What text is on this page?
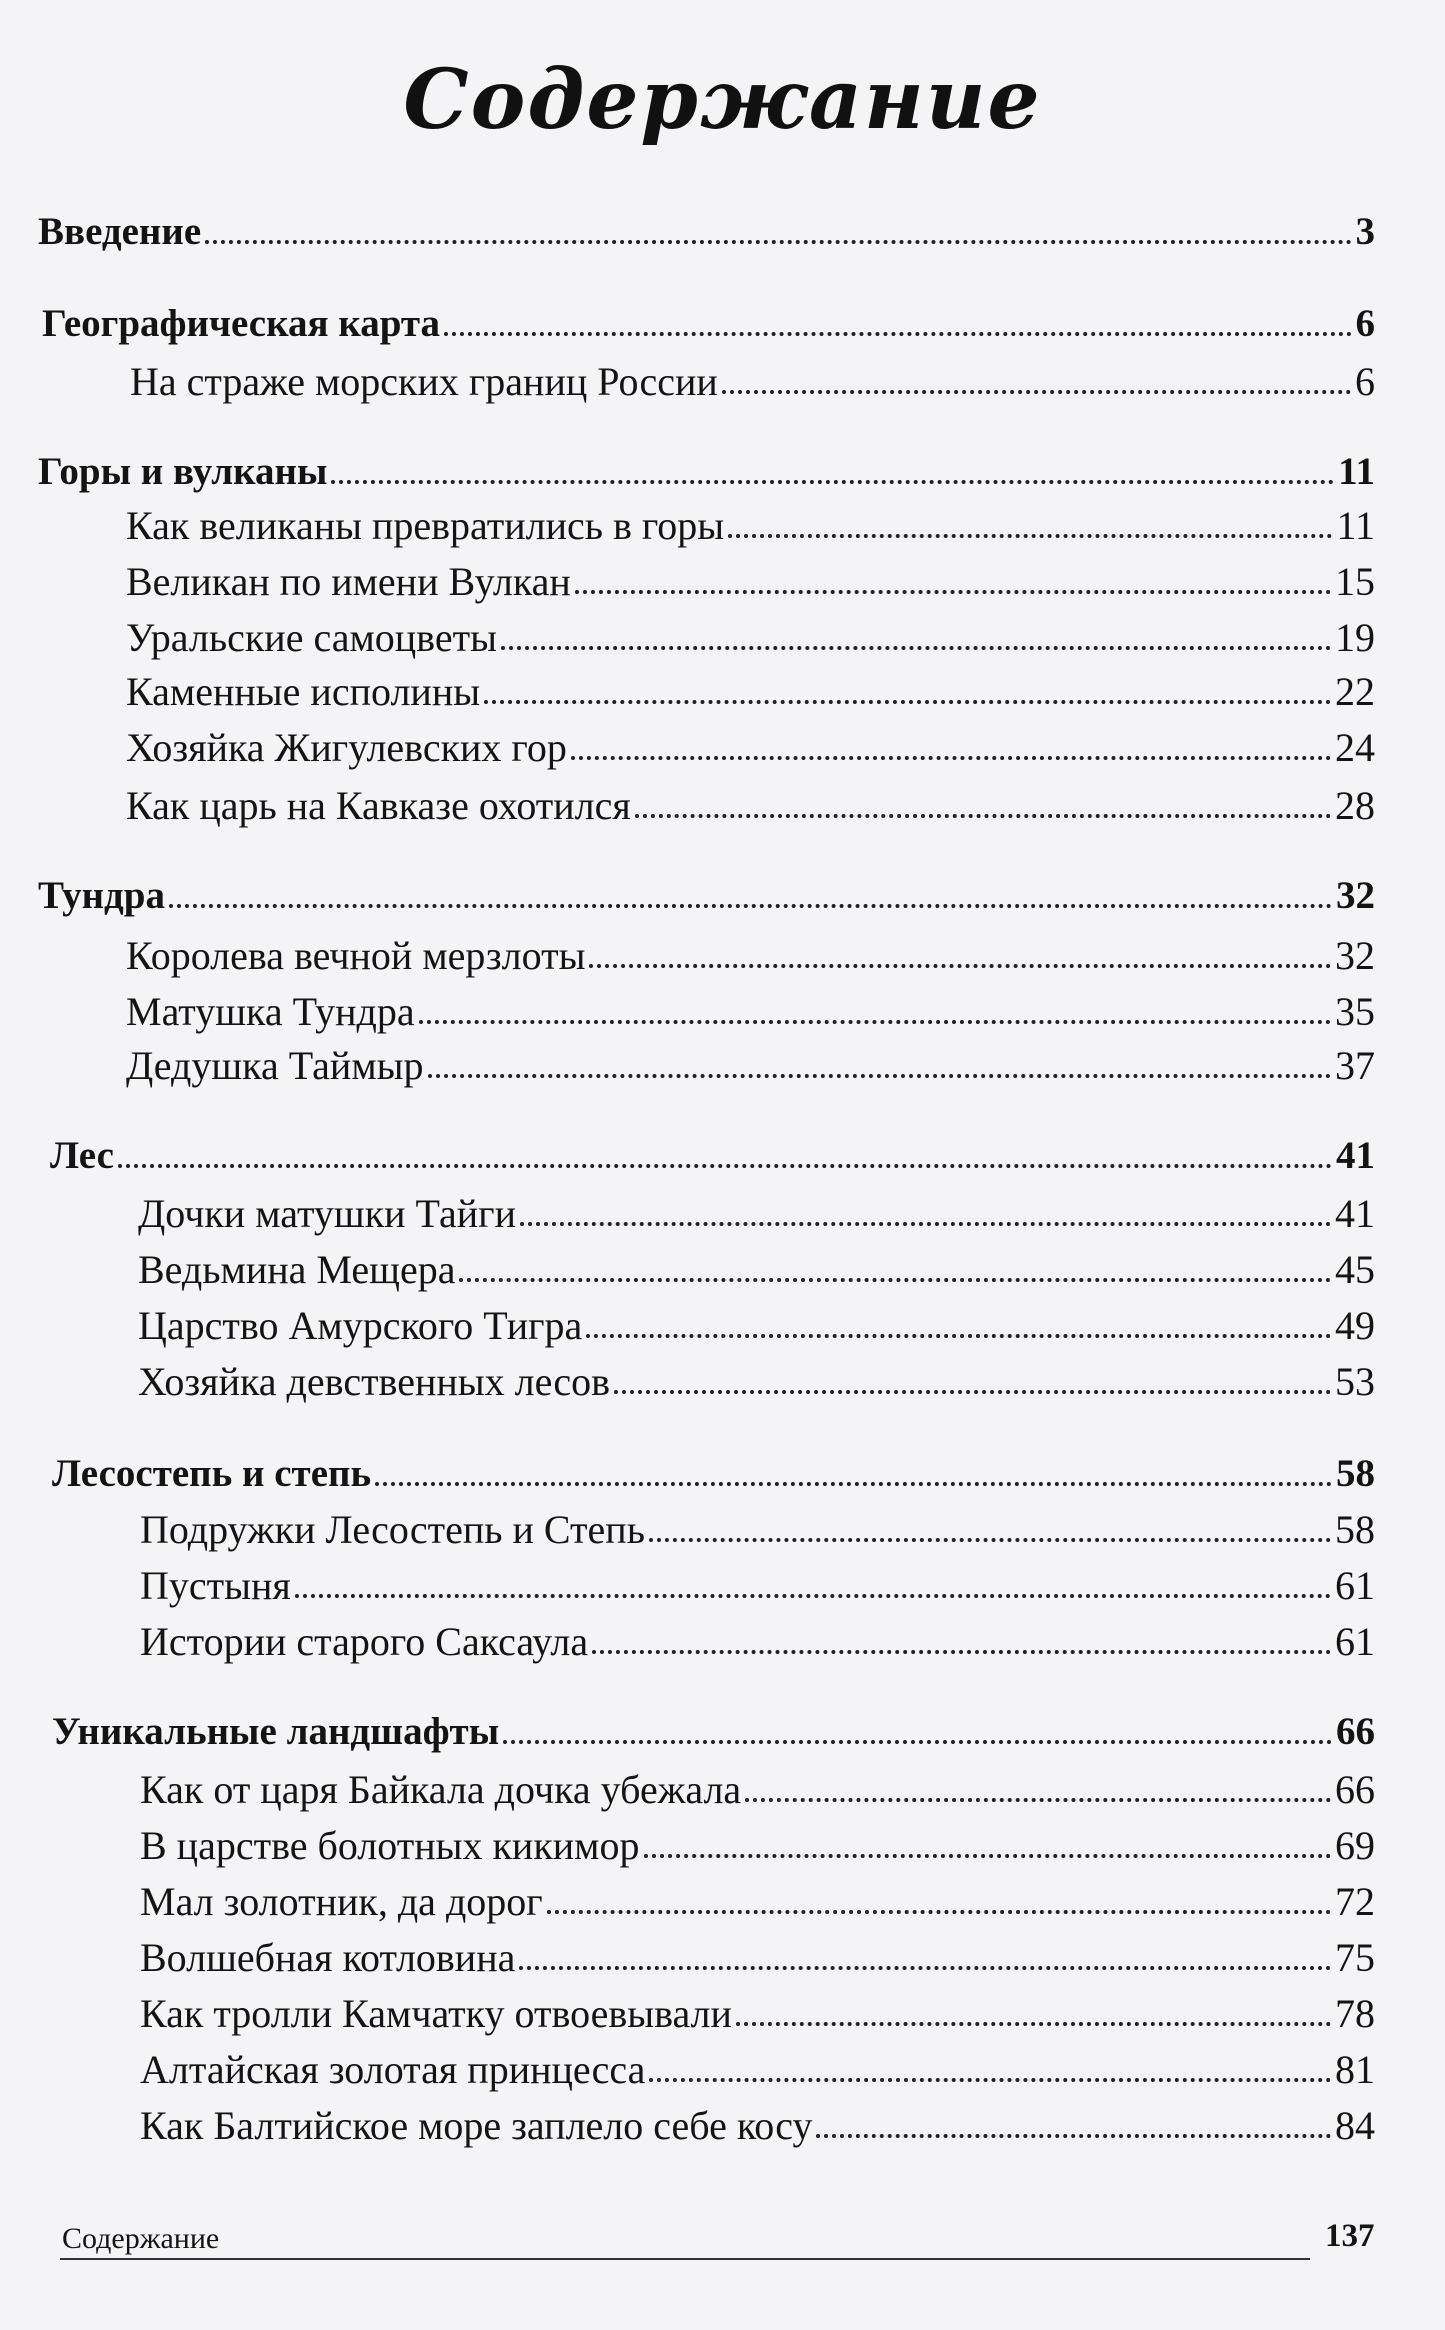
Содержание
Введение	3
Географическая карта	6
На страже морских границ России	6
Горы и вулканы	11
Как великаны превратились в горы	11
Великан по имени Вулкан	15
Уральские самоцветы	19
Каменные исполины	22
Хозяйка Жигулевских гор	24
Как царь на Кавказе охотился	28
Тундра	32
Королева вечной мерзлоты	32
Матушка Тундра	35
Дедушка Таймыр	37
Лес	41
Дочки матушки Тайги	41
Ведьмина Мещера	45
Царство Амурского Тигра	49
Хозяйка девственных лесов	53
Лесостепь и степь	58
Подружки Лесостепь и Степь	58
Пустыня	61
Истории старого Саксаула	61
Уникальные ландшафты	66
Как от царя Байкала дочка убежала	66
В царстве болотных кикимор	69
Мал золотник, да дорог	72
Волшебная котловина	75
Как тролли Камчатку отвоевывали	78
Алтайская золотая принцесса	81
Как Балтийское море заплело себе косу	84
Содержание	137
